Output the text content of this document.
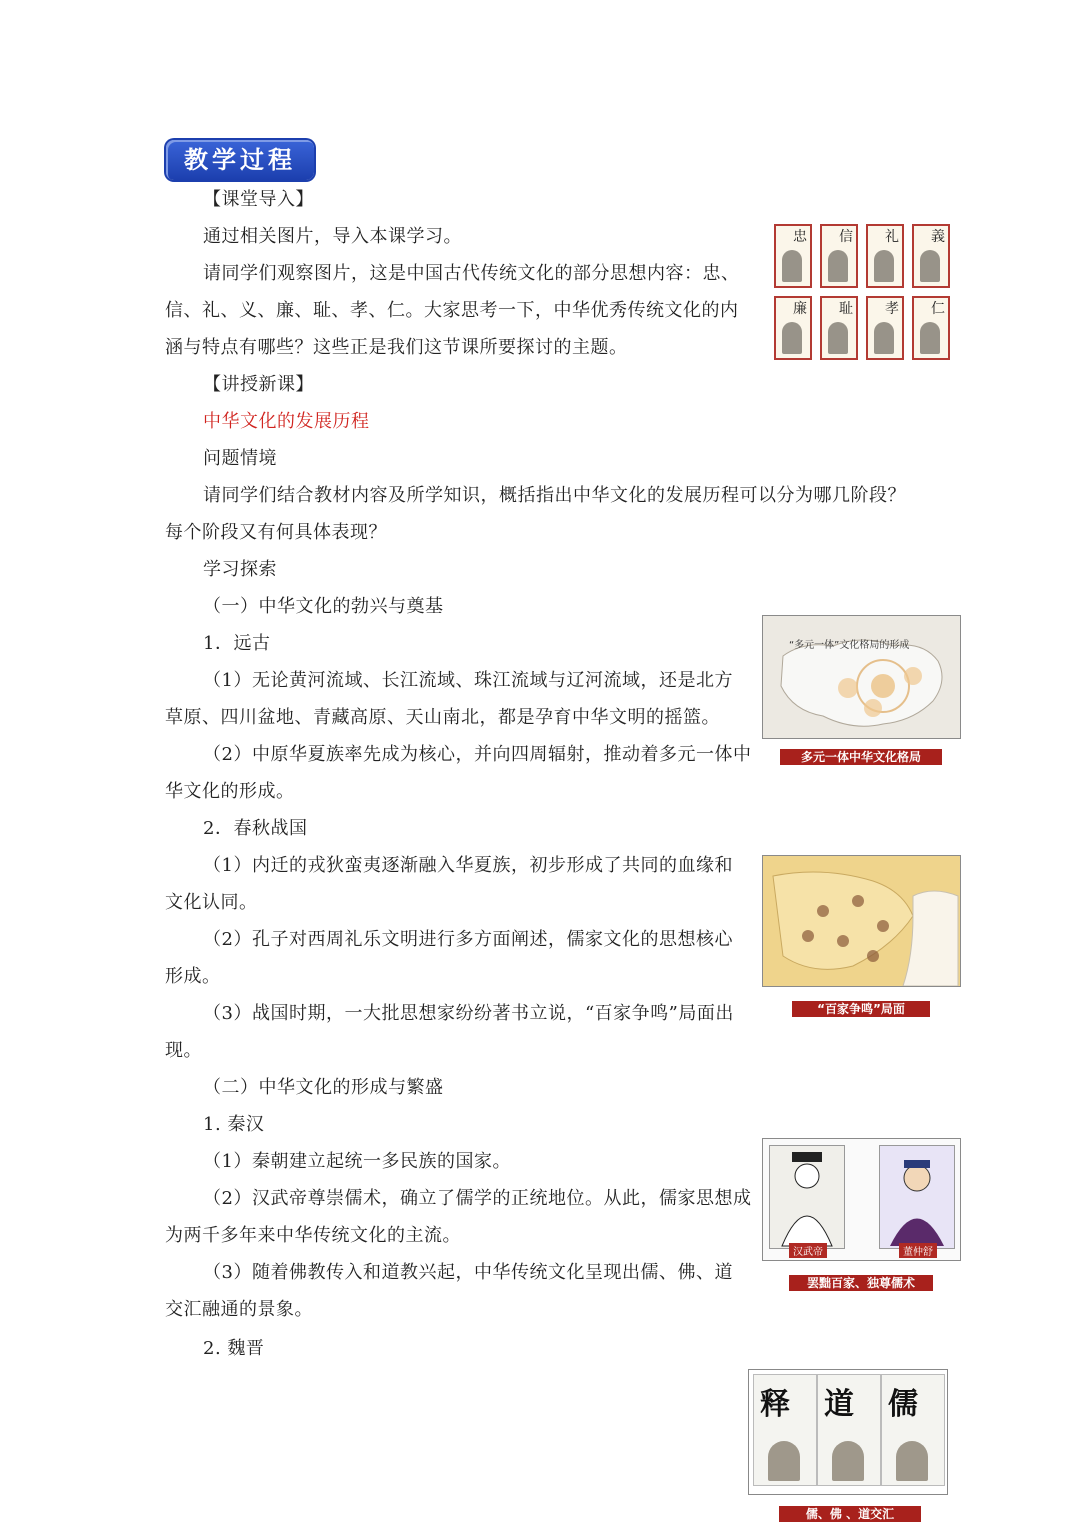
教学过程
【课堂导入】
通过相关图片，导入本课学习。
请同学们观察图片，这是中国古代传统文化的部分思想内容：忠、
信、礼、义、廉、耻、孝、仁。大家思考一下，中华优秀传统文化的内
涵与特点有哪些？这些正是我们这节课所要探讨的主题。
忠	信	礼	義
廉	耻	孝	仁
【讲授新课】
中华文化的发展历程
问题情境
请同学们结合教材内容及所学知识，概括指出中华文化的发展历程可以分为哪几阶段？
每个阶段又有何具体表现？
学习探索
（一）中华文化的勃兴与奠基
1．远古
（1）无论黄河流域、长江流域、珠江流域与辽河流域，还是北方
草原、四川盆地、青藏高原、天山南北，都是孕育中华文明的摇篮。
（2）中原华夏族率先成为核心，并向四周辐射，推动着多元一体中
华文化的形成。
2．春秋战国
（1）内迁的戎狄蛮夷逐渐融入华夏族，初步形成了共同的血缘和
文化认同。
（2）孔子对西周礼乐文明进行多方面阐述，儒家文化的思想核心
形成。
（3）战国时期，一大批思想家纷纷著书立说，“百家争鸣”局面出
现。
（二）中华文化的形成与繁盛
1. 秦汉
（1）秦朝建立起统一多民族的国家。
（2）汉武帝尊崇儒术，确立了儒学的正统地位。从此，儒家思想成
为两千多年来中华传统文化的主流。
（3）随着佛教传入和道教兴起，中华传统文化呈现出儒、佛、道
交汇融通的景象。
2. 魏晋
“多元一体”文化格局的形成
多元一体中华文化格局
“百家争鸣”局面
汉武帝	董仲舒
罢黜百家、独尊儒术
释 道 儒
儒、佛 、道交汇
